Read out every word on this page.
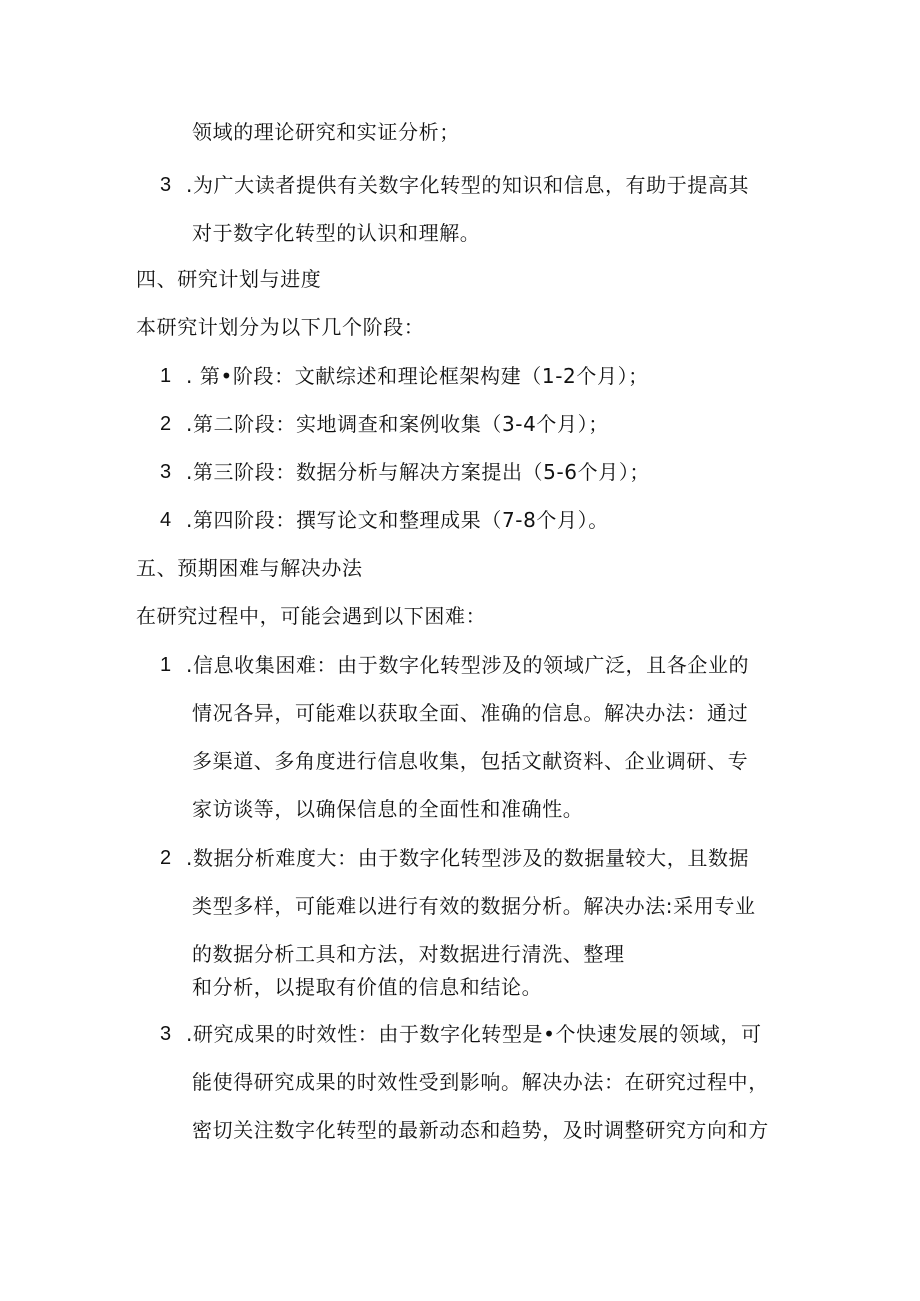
领域的理论研究和实证分析；
3 .为广大读者提供有关数字化转型的知识和信息，有助于提高其
对于数字化转型的认识和理解。
四、研究计划与进度
本研究计划分为以下几个阶段：
1 . 第•阶段：文献综述和理论框架构建（1-2个月）；
2 .第二阶段：实地调查和案例收集（3-4个月）；
3 .第三阶段：数据分析与解决方案提出（5-6个月）；
4 .第四阶段：撰写论文和整理成果（7-8个月）。
五、预期困难与解决办法
在研究过程中，可能会遇到以下困难：
1 .信息收集困难：由于数字化转型涉及的领域广泛，且各企业的
情况各异，可能难以获取全面、准确的信息。解决办法：通过
多渠道、多角度进行信息收集，包括文献资料、企业调研、专
家访谈等，以确保信息的全面性和准确性。
2 .数据分析难度大：由于数字化转型涉及的数据量较大，且数据
类型多样，可能难以进行有效的数据分析。解决办法:采用专业
的数据分析工具和方法，对数据进行清洗、整理
和分析，以提取有价值的信息和结论。
3 .研究成果的时效性：由于数字化转型是•个快速发展的领域，可
能使得研究成果的时效性受到影响。解决办法：在研究过程中，
密切关注数字化转型的最新动态和趋势，及时调整研究方向和方
